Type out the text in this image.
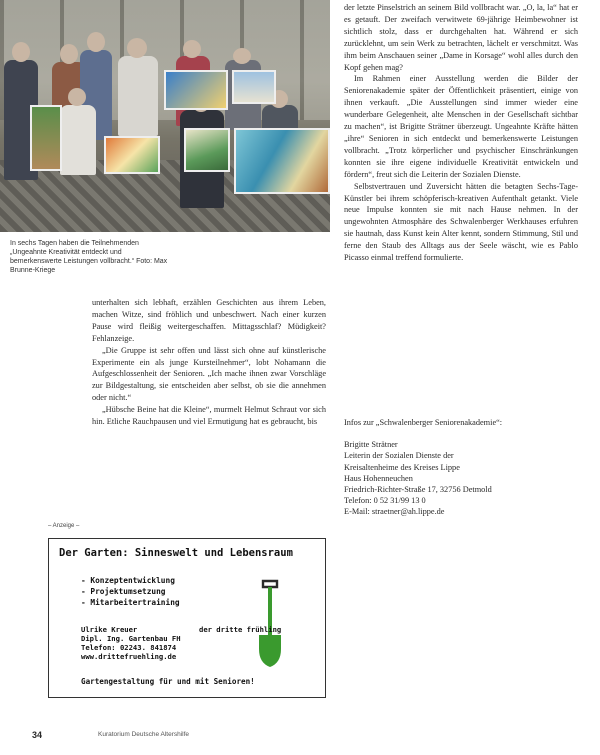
In sechs Tagen haben die Teilnehmenden „Ungeahnte Kreativität entdeckt und bemerkenswerte Leistungen vollbracht.“ Foto: Max Brunne-Kriege

unterhalten sich lebhaft, erzählen Geschichten aus ihrem Leben, machen Witze, sind fröhlich und unbeschwert. Nach einer kurzen Pause wird fleißig weitergeschaffen. Mittagsschlaf? Müdigkeit? Fehlanzeige.

„Die Gruppe ist sehr offen und lässt sich ohne auf künstlerische Experimente ein als junge Kursteilnehmer“, lobt Nohamann die Aufgeschlossenheit der Senioren. „Ich mache ihnen zwar Vorschläge zur Bildgestaltung, sie entscheiden aber selbst, ob sie die annehmen oder nicht.“

„Hübsche Beine hat die Kleine“, murmelt Helmut Schraut vor sich hin. Etliche Rauchpausen und viel Ermutigung hat es gebraucht, bis

der letzte Pinselstrich an seinem Bild vollbracht war. „O, la, la“ hat er es getauft. Der zweifach verwitwete 69-jährige Heimbewohner ist sichtlich stolz, dass er durchgehalten hat. Während er sich zurücklehnt, um sein Werk zu betrachten, lächelt er verschmitzt. Was ihm beim Anschauen seiner „Dame in Korsage“ wohl alles durch den Kopf gehen mag?

Im Rahmen einer Ausstellung werden die Bilder der Seniorenakademie später der Öffentlichkeit präsentiert, einige von ihnen verkauft. „Die Ausstellungen sind immer wieder eine wunderbare Gelegenheit, alte Menschen in der Gesellschaft sichtbar zu machen“, ist Brigitte Strätner überzeugt. Ungeahnte Kräfte hätten „ihre“ Senioren in sich entdeckt und bemerkenswerte Leistungen vollbracht. „Trotz körperlicher und psychischer Einschränkungen konnten sie ihre eigene individuelle Kreativität entwickeln und fördern“, freut sich die Leiterin der Sozialen Dienste.

Selbstvertrauen und Zuversicht hätten die betagten Sechs-Tage-Künstler bei ihrem schöpferisch-kreativen Aufenthalt getankt. Viele neue Impulse konnten sie mit nach Hause nehmen. In der ungewohnten Atmosphäre des Schwalenberger Werkhauses erfuhren sie hautnah, dass Kunst kein Alter kennt, sondern Stimmung, Stil und ferne den Staub des Alltags aus der Seele wäscht, wie es Pablo Picasso einmal treffend formulierte.

Infos zur „Schwalenberger Seniorenakademie“:
Brigitte Strätner
Leiterin der Sozialen Dienste der
Kreisaltenheime des Kreises Lippe
Haus Hohenneuchen
Friedrich-Richter-Straße 17, 32756 Detmold
Telefon: 0 52 31/99 13 0
E-Mail: straetner@ah.lippe.de
– Anzeige –
Der Garten: Sinneswelt und Lebensraum
- Konzeptentwicklung
- Projektumsetzung
- Mitarbeitertraining
Ulrike Kreuer
Dipl. Ing. Gartenbau FH
Telefon: 02243. 841874
www.drittefruehling.de
der dritte frühling
Gartengestaltung für und mit Senioren!
34	Kuratorium Deutsche Altershilfe
